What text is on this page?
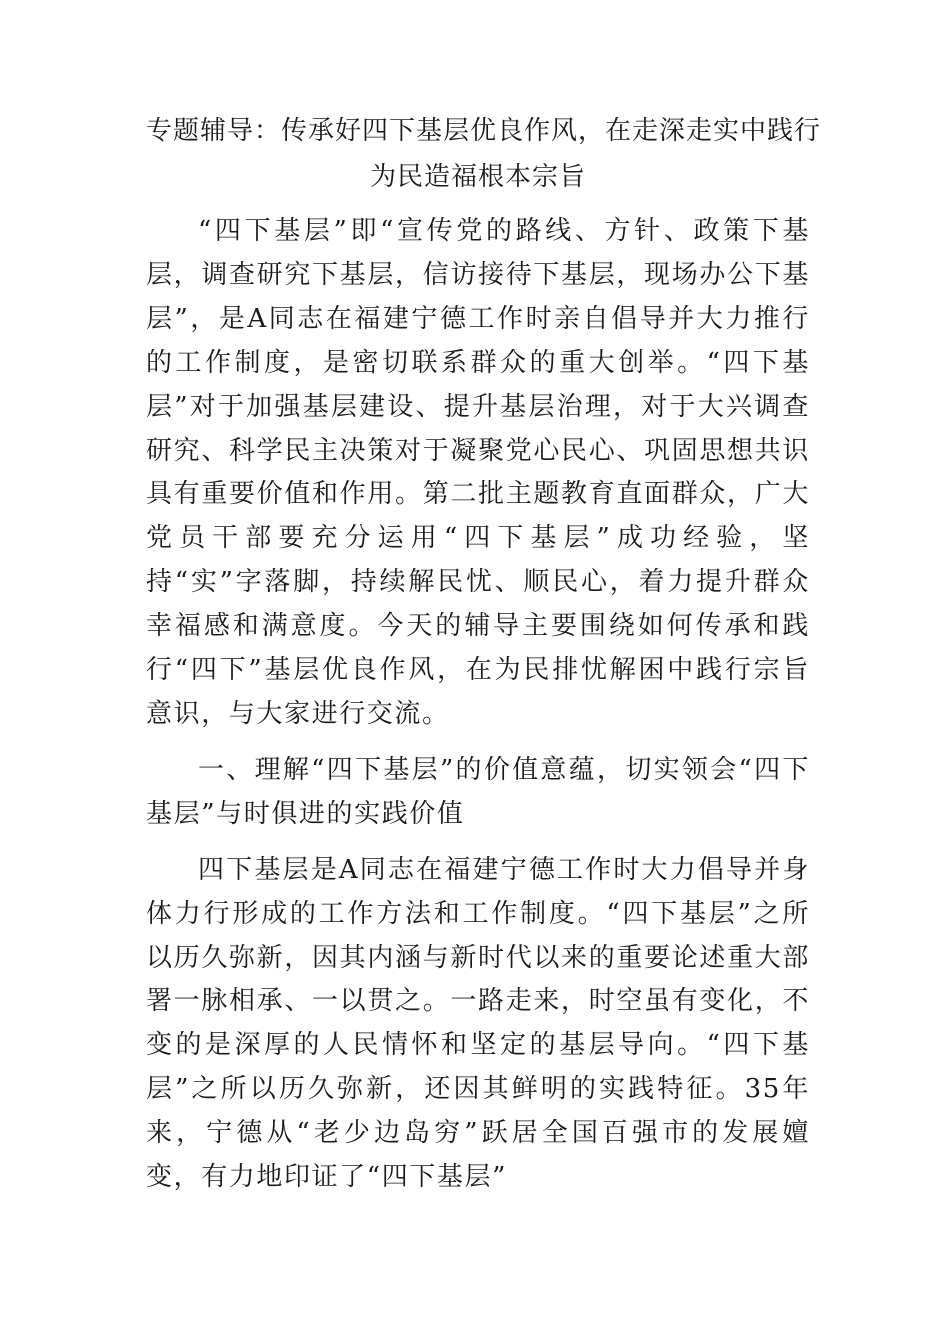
专题辅导：传承好四下基层优良作风，在走深走实中践行
为民造福根本宗旨

“四下基层”即“宣传党的路线、方针、政策下基层，调查研究下基层，信访接待下基层，现场办公下基层”，是A同志在福建宁德工作时亲自倡导并大力推行的工作制度，是密切联系群众的重大创举。“四下基层”对于加强基层建设、提升基层治理，对于大兴调查研究、科学民主决策对于凝聚党心民心、巩固思想共识具有重要价值和作用。第二批主题教育直面群众，广大党员干部要充分运用“四下基层”成功经验，坚持“实”字落脚，持续解民忧、顺民心，着力提升群众幸福感和满意度。今天的辅导主要围绕如何传承和践行“四下”基层优良作风，在为民排忧解困中践行宗旨意识，与大家进行交流。

一、理解“四下基层”的价值意蕴，切实领会“四下基层”与时俱进的实践价值

四下基层是A同志在福建宁德工作时大力倡导并身体力行形成的工作方法和工作制度。“四下基层”之所以历久弥新，因其内涵与新时代以来的重要论述重大部署一脉相承、一以贯之。一路走来，时空虽有变化，不变的是深厚的人民情怀和坚定的基层导向。“四下基层”之所以历久弥新，还因其鲜明的实践特征。35年来，宁德从“老少边岛穷”跃居全国百强市的发展嬗变，有力地印证了“四下基层”
